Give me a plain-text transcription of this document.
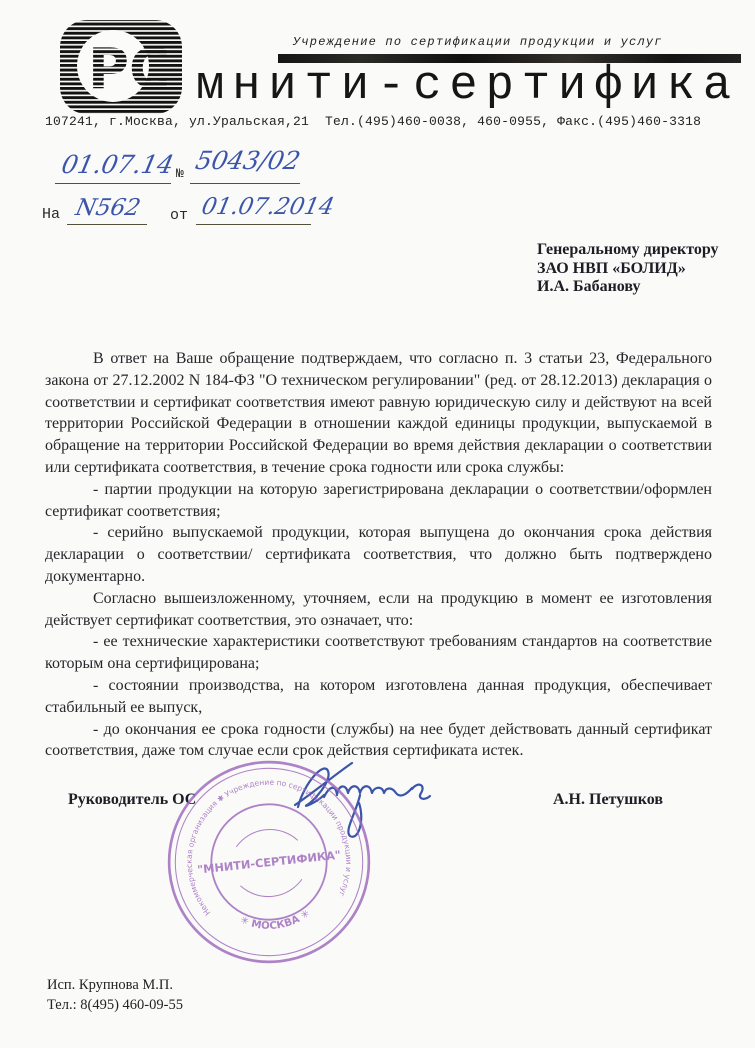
РС	Учреждение по сертификации продукции и услуг
мнити-сертифика
107241, г.Москва, ул.Уральская,21  Тел.(495)460-0038, 460-0955, Факс.(495)460-3318
№
01.07.14 5043/02
На N562 от 01.07.2014
Генеральному директору
ЗАО НВП «БОЛИД»
И.А. Бабанову

В ответ на Ваше обращение подтверждаем, что согласно п. 3 статьи 23, Федерального закона от 27.12.2002 N 184-ФЗ "О техническом регулировании" (ред. от 28.12.2013) декларация о соответствии и сертификат соответствия имеют равную юридическую силу и действуют на всей территории Российской Федерации в отношении каждой единицы продукции, выпускаемой в обращение на территории Российской Федерации во время действия декларации о соответствии или сертификата соответствия, в течение срока годности или срока службы:

- партии продукции на которую зарегистрирована декларации о соответствии/оформлен сертификат соответствия;

- серийно выпускаемой продукции, которая выпущена до окончания срока действия декларации о соответствии/ сертификата соответствия, что должно быть подтверждено документарно.

Согласно вышеизложенному, уточняем, если на продукцию в момент ее изготовления действует сертификат соответствия, это означает, что:

- ее технические характеристики соответствуют требованиям стандартов на соответствие которым она сертифицирована;

- состоянии производства, на котором изготовлена данная продукция, обеспечивает стабильный ее выпуск,

- до окончания ее срока годности (службы) на нее будет действовать данный сертификат соответствия, даже том случае если срок действия сертификата истек.

Руководитель ОС	А.Н. Петушков
Некоммерческая организация ✱ Учреждение по сертификации продукции и услуг
✳ МОСКВА ✳
"МНИТИ-СЕРТИФИКА"
Исп. Крупнова М.П.
Тел.: 8(495) 460-09-55
